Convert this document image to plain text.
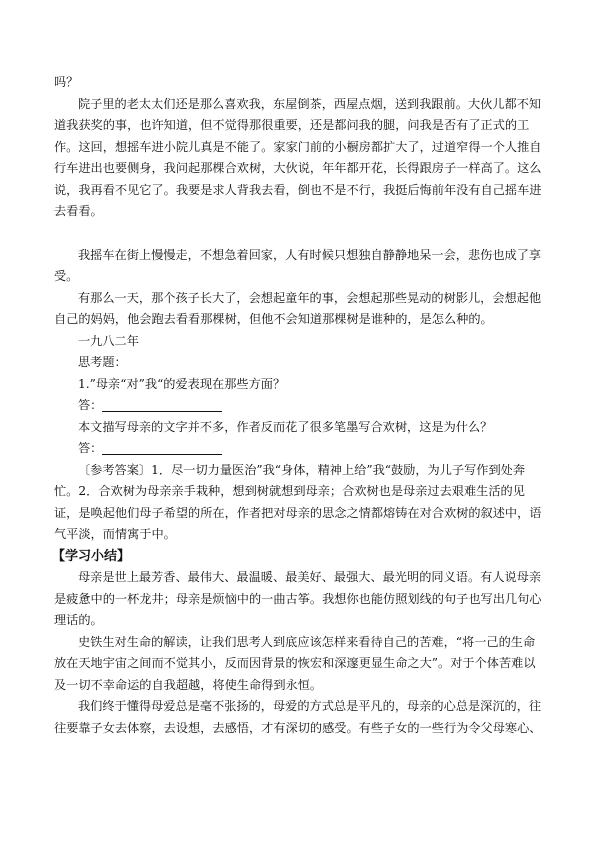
吗？

院子里的老太太们还是那么喜欢我，东屋倒茶，西屋点烟，送到我跟前。大伙儿都不知道我获奖的事，也许知道，但不觉得那很重要，还是都问我的腿，问我是否有了正式的工作。这回，想摇车进小院儿真是不能了。家家门前的小橱房都扩大了，过道窄得一个人推自行车进出也要侧身，我问起那棵合欢树，大伙说，年年都开花，长得跟房子一样高了。这么说，我再看不见它了。我要是求人背我去看，倒也不是不行，我挺后悔前年没有自己摇车进去看看。

我摇车在街上慢慢走，不想急着回家，人有时候只想独自静静地呆一会，悲伤也成了享受。

有那么一天，那个孩子长大了，会想起童年的事，会想起那些晃动的树影儿，会想起他自己的妈妈，他会跑去看看那棵树，但他不会知道那棵树是谁种的，是怎么种的。

一九八二年

思考题：

1.”母亲“对”我“的爱表现在那些方面？

答：

本文描写母亲的文字并不多，作者反而花了很多笔墨写合欢树，这是为什么？

答：

〔参考答案〕1．尽一切力量医治”我“身体，精神上给”我“鼓励，为儿子写作到处奔忙。2．合欢树为母亲亲手栽种，想到树就想到母亲；合欢树也是母亲过去艰难生活的见证，是唤起他们母子希望的所在，作者把对母亲的思念之情都熔铸在对合欢树的叙述中，语气平淡，而情寓于中。

【学习小结】

母亲是世上最芳香、最伟大、最温暖、最美好、最强大、最光明的同义语。有人说母亲是疲惫中的一杯龙井；母亲是烦恼中的一曲古筝。我想你也能仿照划线的句子也写出几句心理话的。

史铁生对生命的解读，让我们思考人到底应该怎样来看待自己的苦难，“将一己的生命放在天地宇宙之间而不觉其小，反而因背景的恢宏和深邃更显生命之大”。对于个体苦难以及一切不幸命运的自我超越，将使生命得到永恒。

我们终于懂得母爱总是毫不张扬的，母爱的方式总是平凡的，母亲的心总是深沉的，往往要靠子女去体察，去设想，去感悟，才有深切的感受。有些子女的一些行为令父母寒心、
